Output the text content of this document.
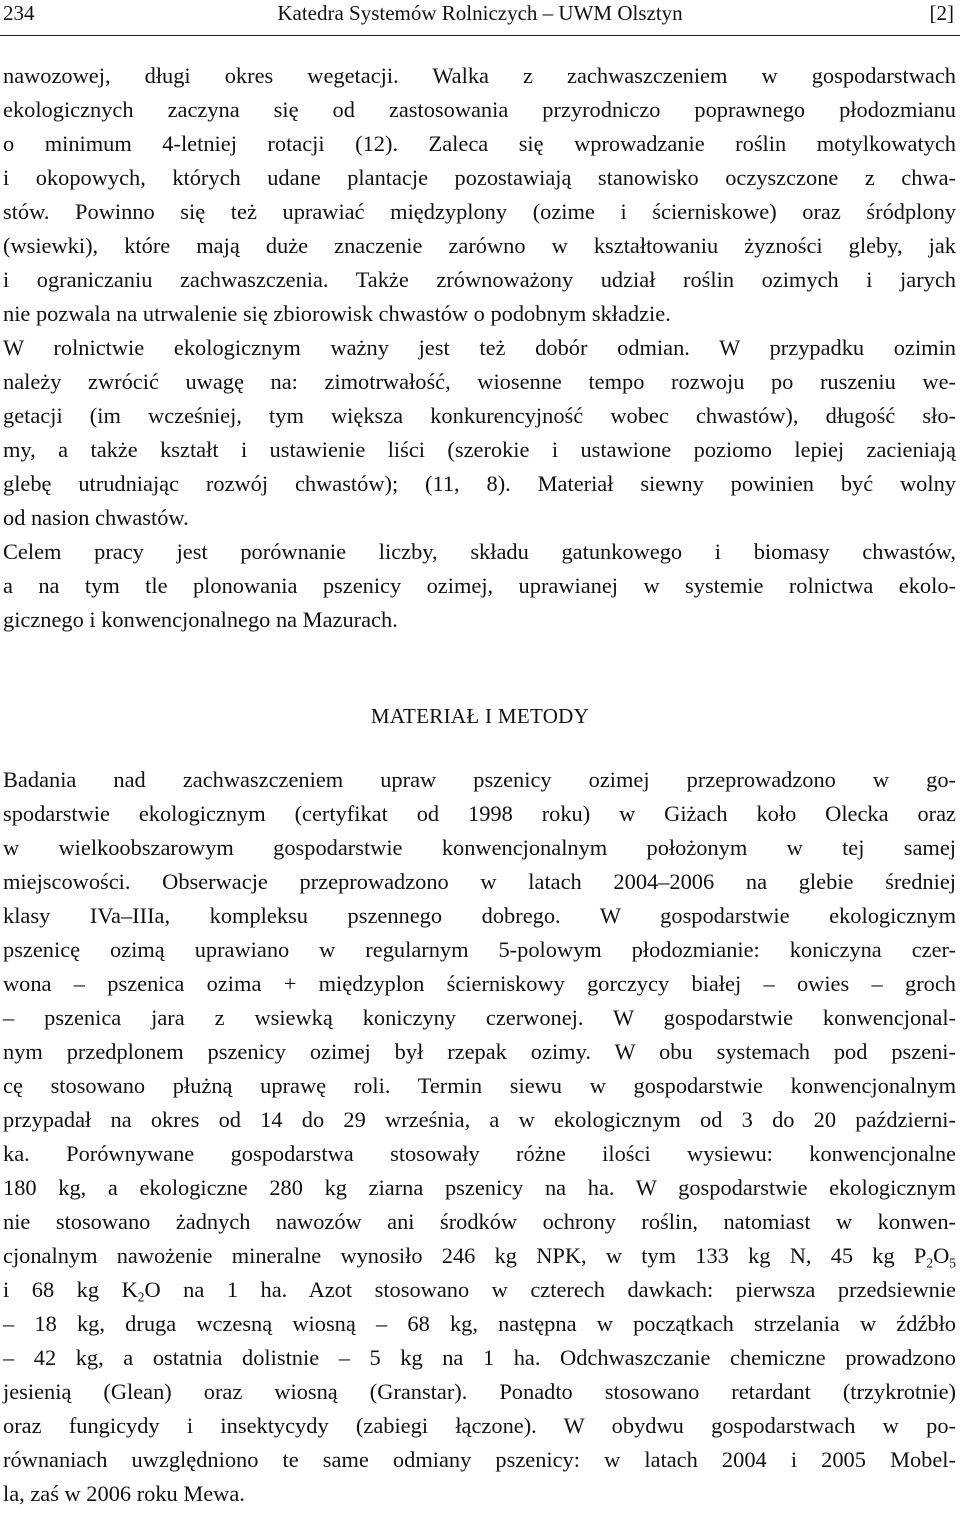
234	Katedra Systemów Rolniczych – UWM Olsztyn	[2]
nawozowej, długi okres wegetacji. Walka z zachwaszczeniem w gospodarstwach
ekologicznych zaczyna się od zastosowania przyrodniczo poprawnego płodozmianu
o minimum 4-letniej rotacji (12). Zaleca się wprowadzanie roślin motylkowatych
i okopowych, których udane plantacje pozostawiają stanowisko oczyszczone z chwa-
stów. Powinno się też uprawiać międzyplony (ozime i ścierniskowe) oraz śródplony
(wsiewki), które mają duże znaczenie zarówno w kształtowaniu żyzności gleby, jak
i ograniczaniu zachwaszczenia. Także zrównoważony udział roślin ozimych i jarych
nie pozwala na utrwalenie się zbiorowisk chwastów o podobnym składzie.
W rolnictwie ekologicznym ważny jest też dobór odmian. W przypadku ozimin
należy zwrócić uwagę na: zimotrwałość, wiosenne tempo rozwoju po ruszeniu we-
getacji (im wcześniej, tym większa konkurencyjność wobec chwastów), długość sło-
my, a także kształt i ustawienie liści (szerokie i ustawione poziomo lepiej zacieniają
glebę utrudniając rozwój chwastów); (11, 8). Materiał siewny powinien być wolny
od nasion chwastów.
Celem pracy jest porównanie liczby, składu gatunkowego i biomasy chwastów,
a na tym tle plonowania pszenicy ozimej, uprawianej w systemie rolnictwa ekolo-
gicznego i konwencjonalnego na Mazurach.
MATERIAŁ I METODY
Badania nad zachwaszczeniem upraw pszenicy ozimej przeprowadzono w go-
spodarstwie ekologicznym (certyfikat od 1998 roku) w Giżach koło Olecka oraz
w wielkoobszarowym gospodarstwie konwencjonalnym położonym w tej samej
miejscowości. Obserwacje przeprowadzono w latach 2004–2006 na glebie średniej
klasy IVa–IIIa, kompleksu pszennego dobrego. W gospodarstwie ekologicznym
pszenicę ozimą uprawiano w regularnym 5-polowym płodozmianie: koniczyna czer-
wona – pszenica ozima + międzyplon ścierniskowy gorczycy białej – owies – groch
– pszenica jara z wsiewką koniczyny czerwonej. W gospodarstwie konwencjonal-
nym przedplonem pszenicy ozimej był rzepak ozimy. W obu systemach pod pszeni-
cę stosowano płużną uprawę roli. Termin siewu w gospodarstwie konwencjonalnym
przypadał na okres od 14 do 29 września, a w ekologicznym od 3 do 20 październi-
ka. Porównywane gospodarstwa stosowały różne ilości wysiewu: konwencjonalne
180 kg, a ekologiczne 280 kg ziarna pszenicy na ha. W gospodarstwie ekologicznym
nie stosowano żadnych nawozów ani środków ochrony roślin, natomiast w konwen-
cjonalnym nawożenie mineralne wynosiło 246 kg NPK, w tym 133 kg N, 45 kg $P_2O_5$
i 68 kg $K_2O$ na 1 ha. Azot stosowano w czterech dawkach: pierwsza przedsiewnie
– 18 kg, druga wczesną wiosną – 68 kg, następna w początkach strzelania w źdźbło
– 42 kg, a ostatnia dolistnie – 5 kg na 1 ha. Odchwaszczanie chemiczne prowadzono
jesienią (Glean) oraz wiosną (Granstar). Ponadto stosowano retardant (trzykrotnie)
oraz fungicydy i insektycydy (zabiegi łączone). W obydwu gospodarstwach w po-
równaniach uwzględniono te same odmiany pszenicy: w latach 2004 i 2005 Mobel-
la, zaś w 2006 roku Mewa.
